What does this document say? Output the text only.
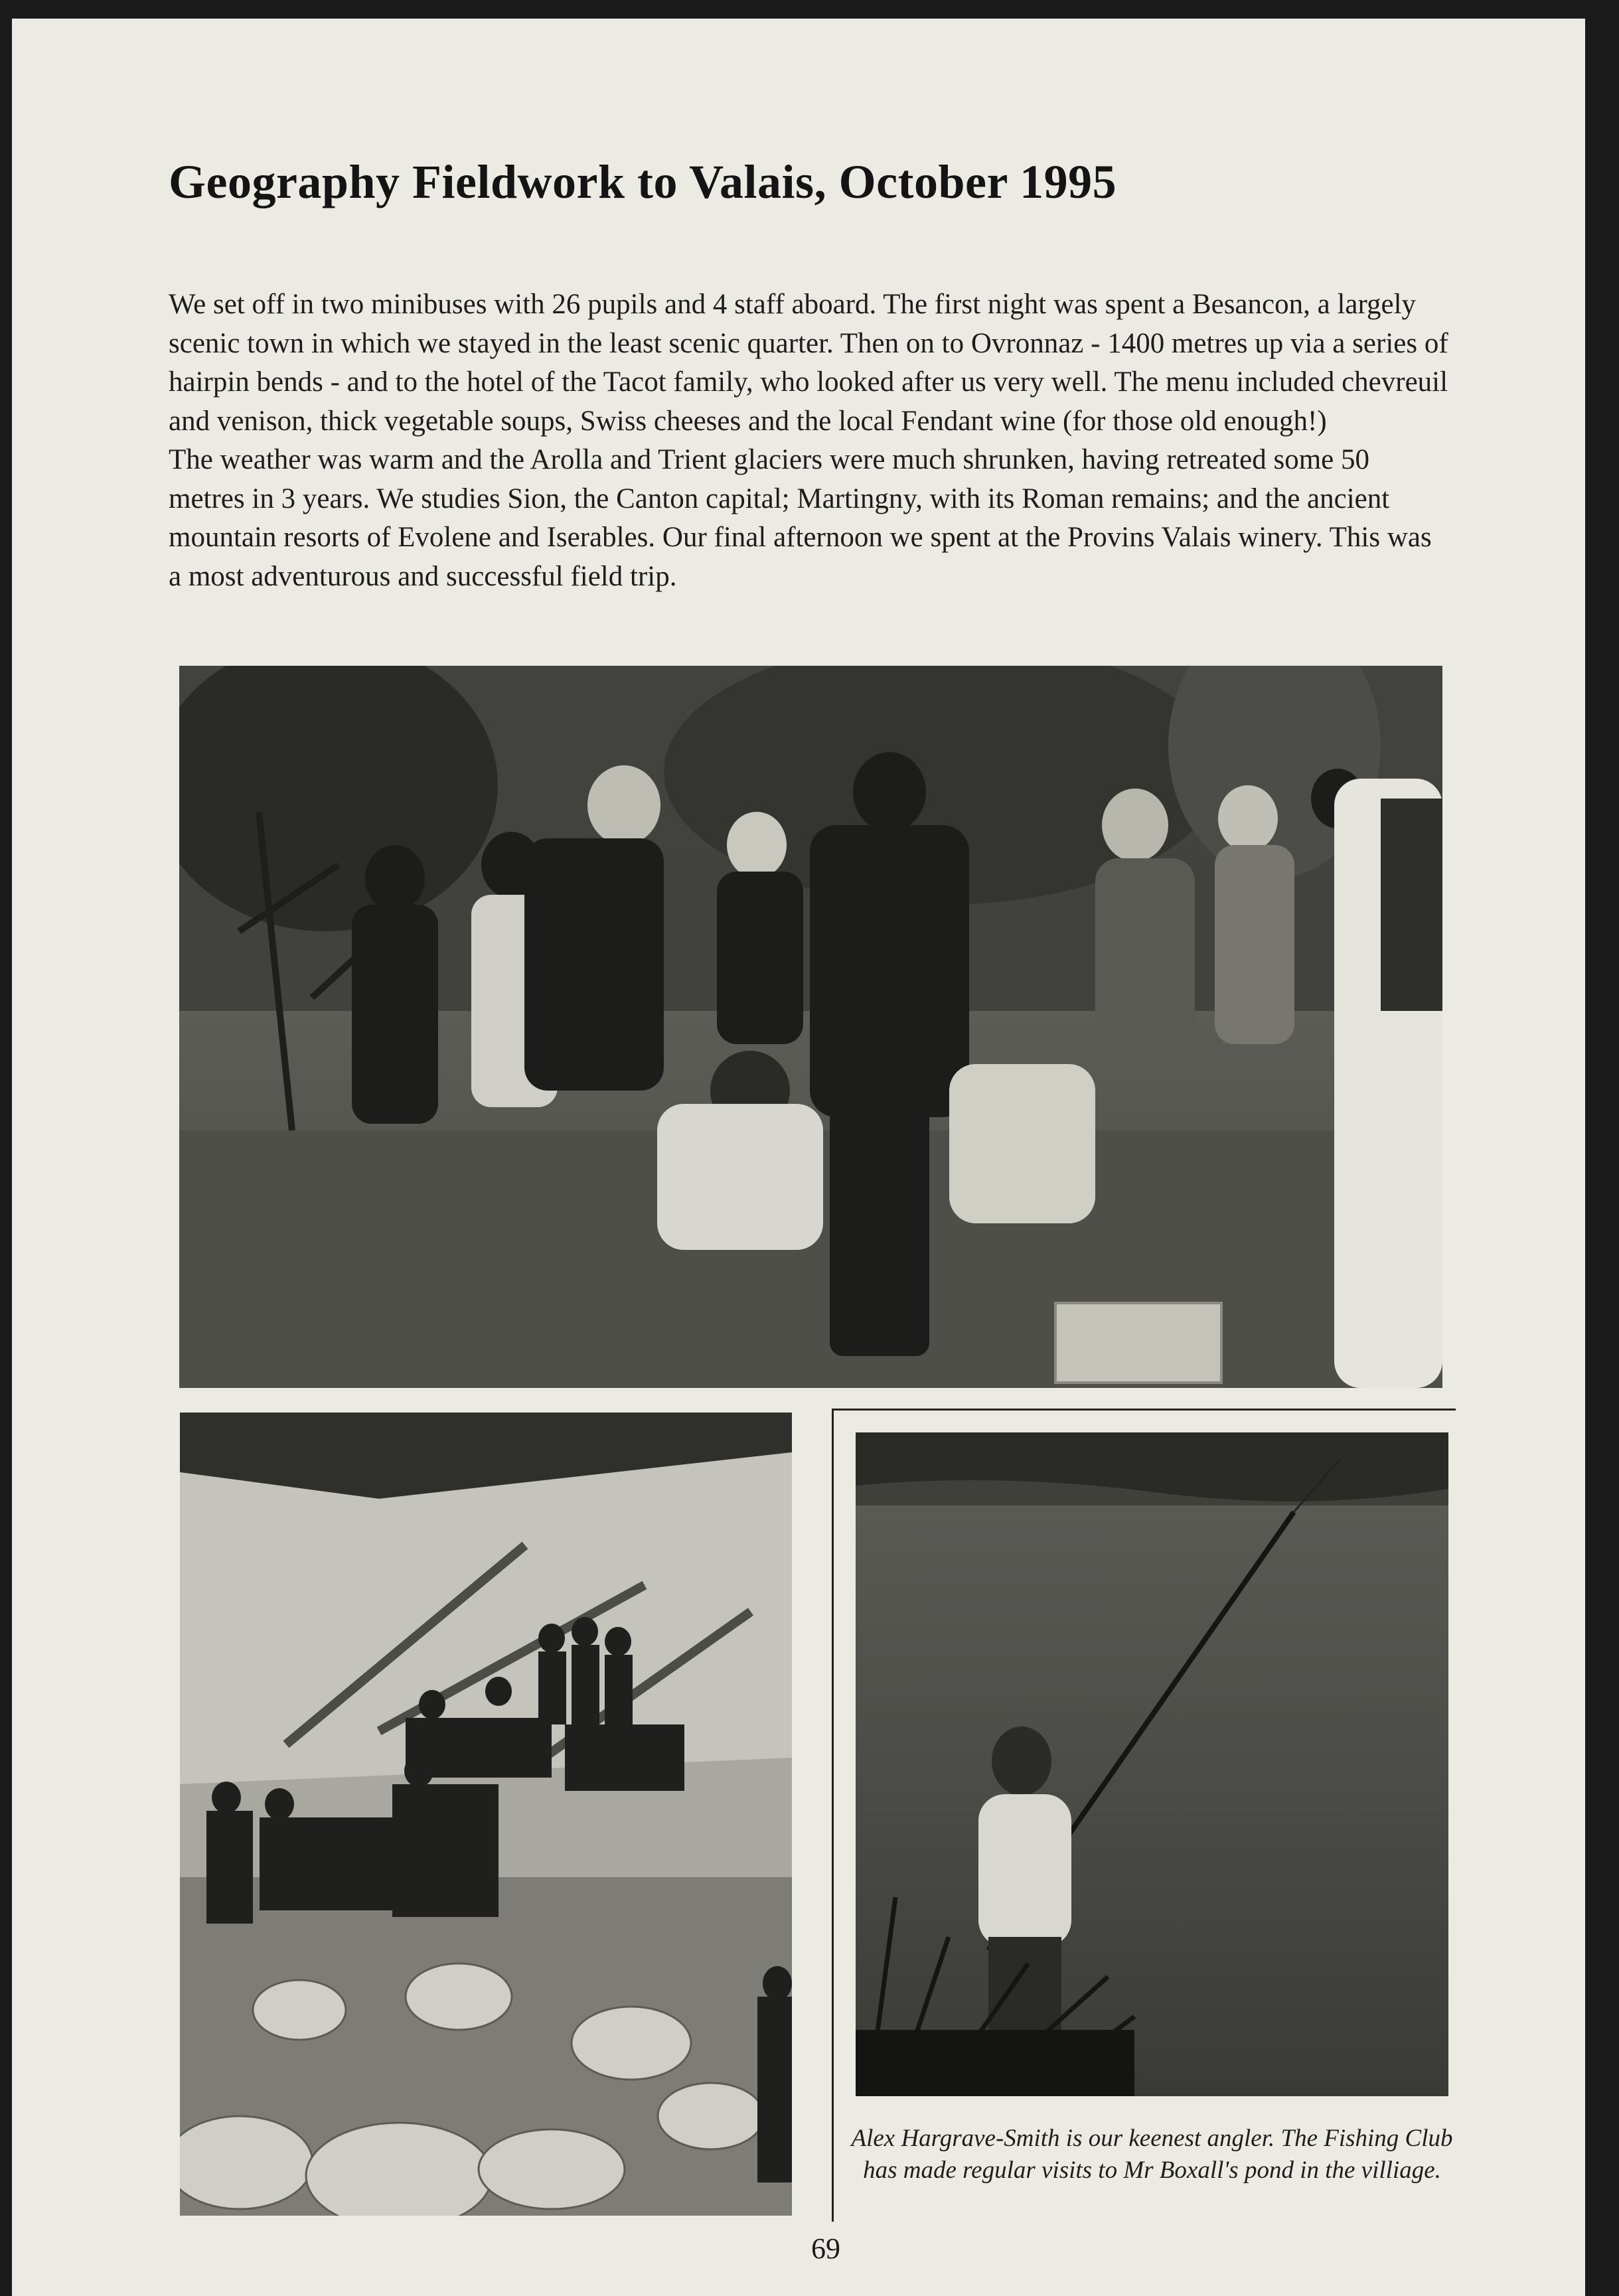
Geography Fieldwork to Valais, October 1995

We set off in two minibuses with 26 pupils and 4 staff aboard. The first night was spent a Besancon, a largely scenic town in which we stayed in the least scenic quarter. Then on to Ovronnaz - 1400 metres up via a series of hairpin bends - and to the hotel of the Tacot family, who looked after us very well. The menu included chevreuil and venison, thick vegetable soups, Swiss cheeses and the local Fendant wine (for those old enough!)

The weather was warm and the Arolla and Trient glaciers were much shrunken, having retreated some 50 metres in 3 years. We studies Sion, the Canton capital; Martingny, with its Roman remains; and the ancient mountain resorts of Evolene and Iserables. Our final afternoon we spent at the Provins Valais winery. This was a most adventurous and successful field trip.

Alex Hargrave-Smith is our keenest angler. The Fishing Club has made regular visits to Mr Boxall's pond in the villiage.
69
